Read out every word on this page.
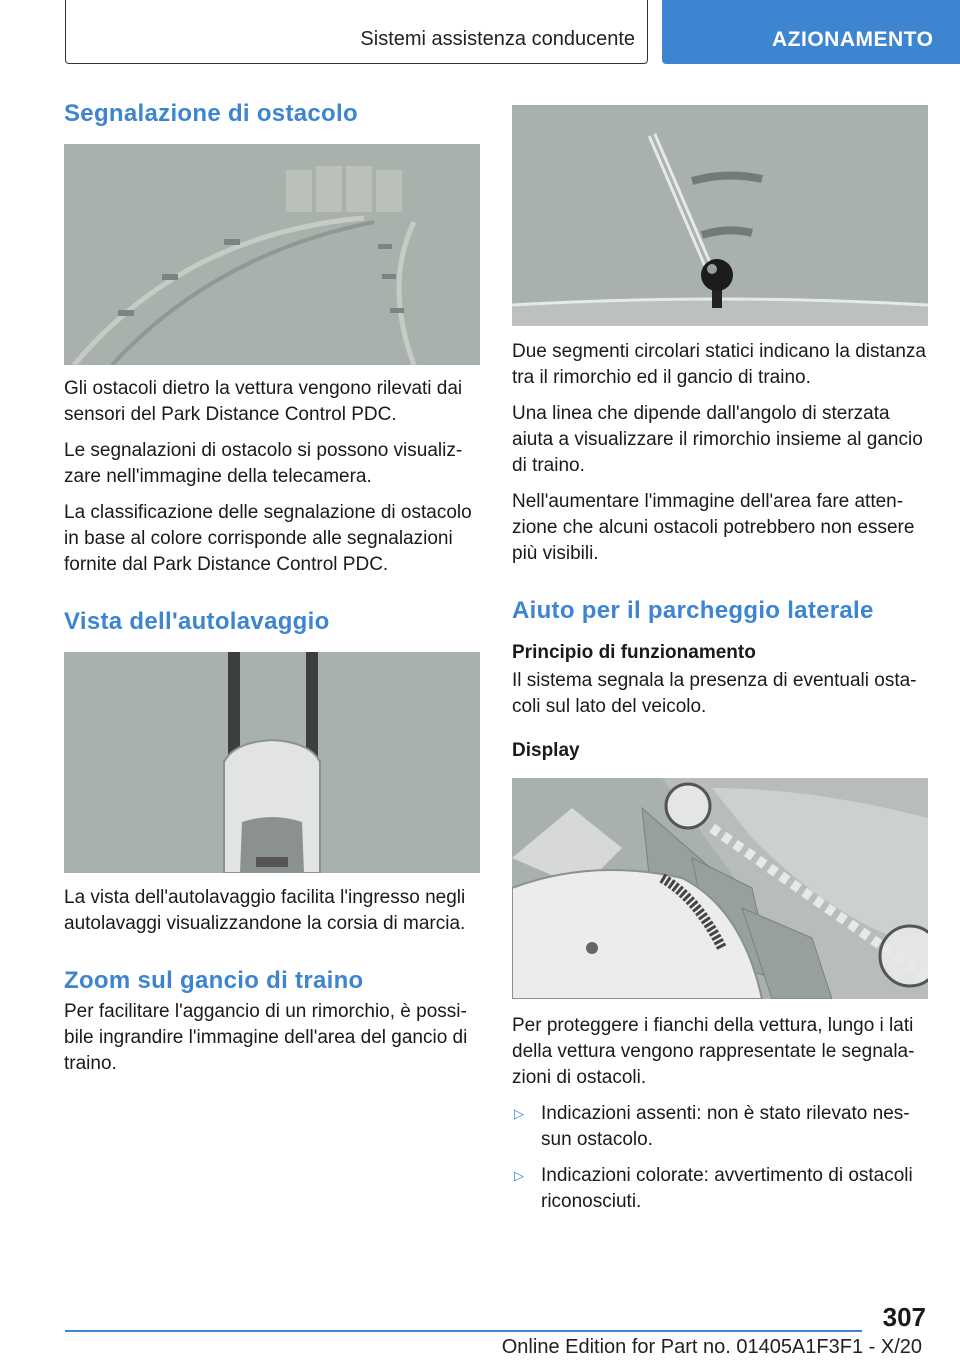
Sistemi assistenza conducente	AZIONAMENTO
Segnalazione di ostacolo

Gli ostacoli dietro la vettura vengono rilevati dai sensori del Park Distance Control PDC.

Le segnalazioni di ostacolo si possono visualiz-zare nell'immagine della telecamera.

La classificazione delle segnalazione di ostacolo in base al colore corrisponde alle segnalazioni fornite dal Park Distance Control PDC.

Vista dell'autolavaggio

La vista dell'autolavaggio facilita l'ingresso negli autolavaggi visualizzandone la corsia di marcia.

Zoom sul gancio di traino

Per facilitare l'aggancio di un rimorchio, è possi-bile ingrandire l'immagine dell'area del gancio di traino.

Due segmenti circolari statici indicano la distanza tra il rimorchio ed il gancio di traino.

Una linea che dipende dall'angolo di sterzata aiuta a visualizzare il rimorchio insieme al gancio di traino.

Nell'aumentare l'immagine dell'area fare atten-zione che alcuni ostacoli potrebbero non essere più visibili.

Aiuto per il parcheggio laterale
Principio di funzionamento

Il sistema segnala la presenza di eventuali osta-coli sul lato del veicolo.

Display

Per proteggere i fianchi della vettura, lungo i lati della vettura vengono rappresentate le segnala-zioni di ostacoli.

▷ Indicazioni assenti: non è stato rilevato nes-sun ostacolo.
▷ Indicazioni colorate: avvertimento di ostacoli riconosciuti.
307
Online Edition for Part no. 01405A1F3F1 - X/20
